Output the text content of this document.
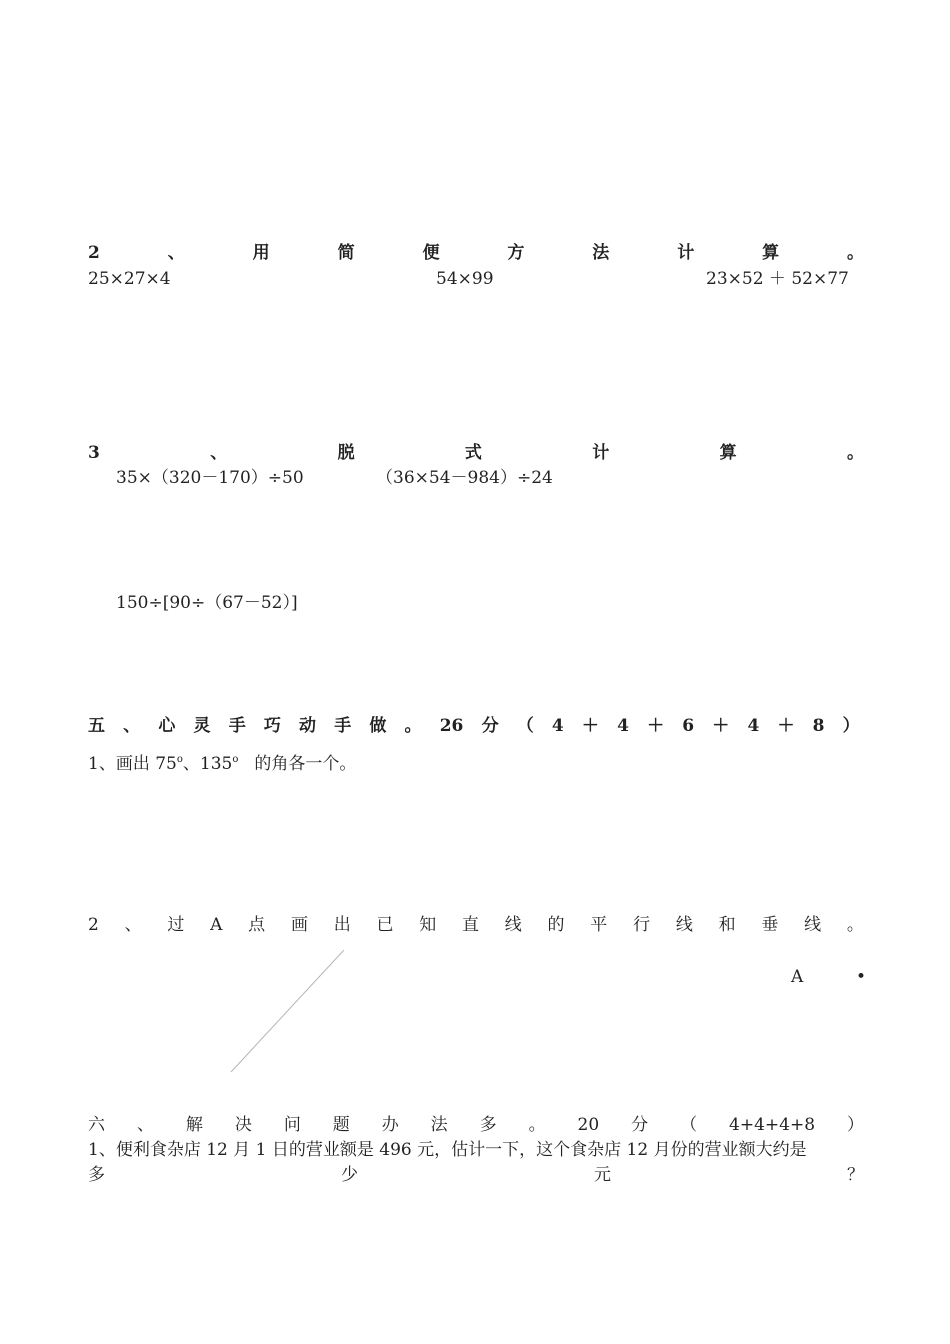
2	、	用	简	便	方	法	计	算	。
25×27×4	54×99	23×52 ＋ 52×77
3	、	脱	式	计	算	。
35×（320－170）÷50	（36×54－984）÷24
150÷[90÷（67－52）]
五 、 心 灵 手 巧 动 手 做 。 26 分 （ 4 ＋ 4 ＋ 6 ＋ 4 ＋ 8 ）
1、画出 75$^o$、135$^o$ 的角各一个。
2 、 过 A 点 画 出 已 知 直 线 的 平 行 线 和 垂 线 。
A	•
六 、 解 决 问 题 办 法 多 。 20 分 （ 4+4+4+8 ）
1、便利食杂店 12 月 1 日的营业额是 496 元，估计一下，这个食杂店 12 月份的营业额大约是
多	少	元	？
